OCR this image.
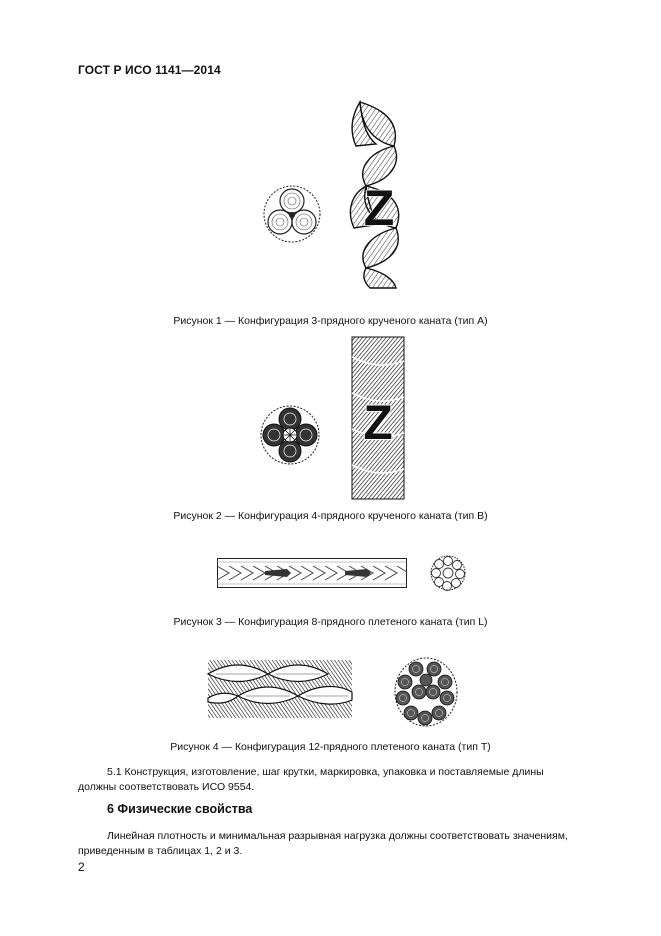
ГОСТ Р ИСО 1141—2014
Z
Рисунок 1 — Конфигурация 3-прядного крученого каната (тип А)
Z
Рисунок 2 — Конфигурация 4-прядного крученого каната (тип В)
Рисунок 3 — Конфигурация 8-прядного плетеного каната (тип L)
Рисунок 4 — Конфигурация 12-прядного плетеного каната (тип Т)
5.1 Конструкция, изготовление, шаг крутки, маркировка, упаковка и поставляемые длины
должны соответствовать ИСО 9554.
6 Физические свойства
Линейная плотность и минимальная разрывная нагрузка должны соответствовать значениям,
приведенным в таблицах 1, 2 и 3.
2
